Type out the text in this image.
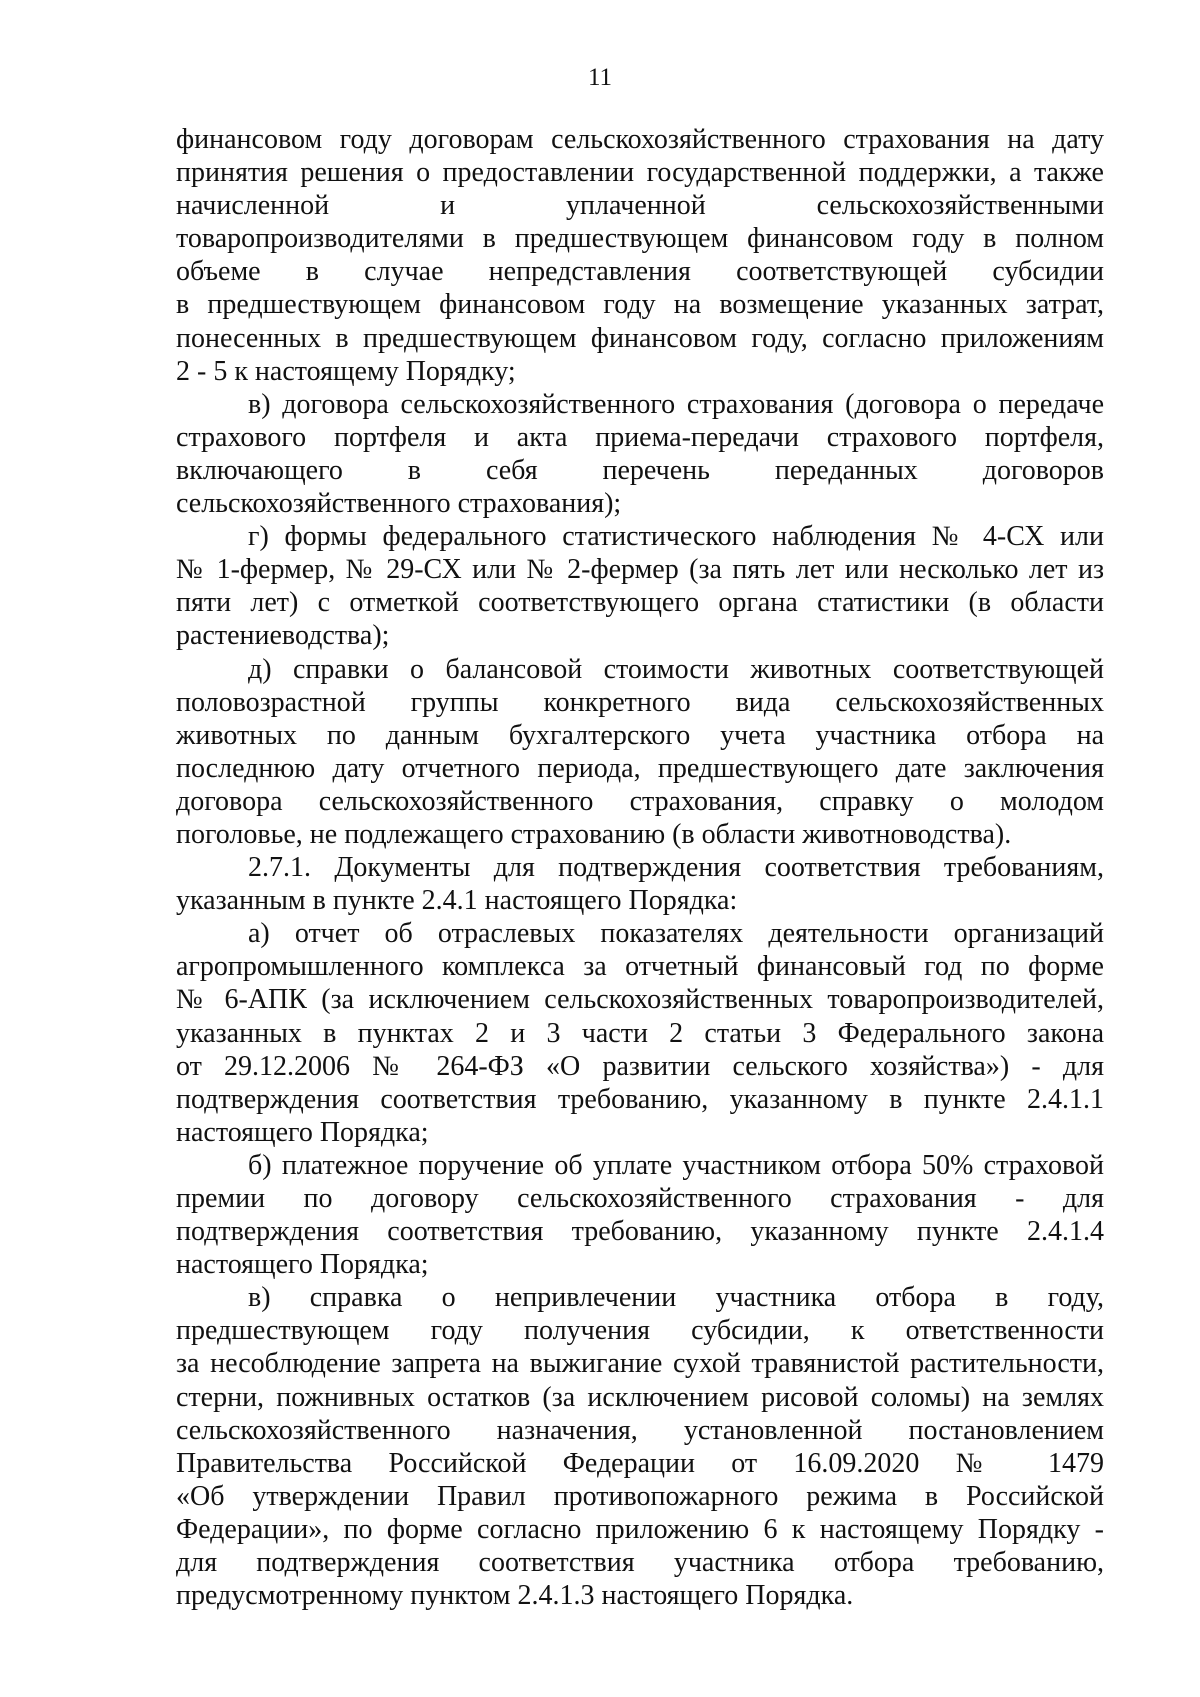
11
финансовом году договорам сельскохозяйственного страхования на дату
принятия решения о предоставлении государственной поддержки, а также
начисленной и уплаченной сельскохозяйственными
товаропроизводителями в предшествующем финансовом году в полном
объеме в случае непредставления соответствующей субсидии
в предшествующем финансовом году на возмещение указанных затрат,
понесенных в предшествующем финансовом году, согласно приложениям
2 - 5 к настоящему Порядку;
в) договора сельскохозяйственного страхования (договора о передаче
страхового портфеля и акта приема-передачи страхового портфеля,
включающего в себя перечень переданных договоров
сельскохозяйственного страхования);
г) формы федерального статистического наблюдения № 4-СХ или
№ 1-фермер, № 29-СХ или № 2-фермер (за пять лет или несколько лет из
пяти лет) с отметкой соответствующего органа статистики (в области
растениеводства);
д) справки о балансовой стоимости животных соответствующей
половозрастной группы конкретного вида сельскохозяйственных
животных по данным бухгалтерского учета участника отбора на
последнюю дату отчетного периода, предшествующего дате заключения
договора сельскохозяйственного страхования, справку о молодом
поголовье, не подлежащего страхованию (в области животноводства).
2.7.1. Документы для подтверждения соответствия требованиям,
указанным в пункте 2.4.1 настоящего Порядка:
а) отчет об отраслевых показателях деятельности организаций
агропромышленного комплекса за отчетный финансовый год по форме
№ 6-АПК (за исключением сельскохозяйственных товаропроизводителей,
указанных в пунктах 2 и 3 части 2 статьи 3 Федерального закона
от 29.12.2006 № 264-ФЗ «О развитии сельского хозяйства») - для
подтверждения соответствия требованию, указанному в пункте 2.4.1.1
настоящего Порядка;
б) платежное поручение об уплате участником отбора 50% страховой
премии по договору сельскохозяйственного страхования - для
подтверждения соответствия требованию, указанному пункте 2.4.1.4
настоящего Порядка;
в) справка о непривлечении участника отбора в году,
предшествующем году получения субсидии, к ответственности
за несоблюдение запрета на выжигание сухой травянистой растительности,
стерни, пожнивных остатков (за исключением рисовой соломы) на землях
сельскохозяйственного назначения, установленной постановлением
Правительства Российской Федерации от 16.09.2020 № 1479
«Об утверждении Правил противопожарного режима в Российской
Федерации», по форме согласно приложению 6 к настоящему Порядку -
для подтверждения соответствия участника отбора требованию,
предусмотренному пунктом 2.4.1.3 настоящего Порядка.
